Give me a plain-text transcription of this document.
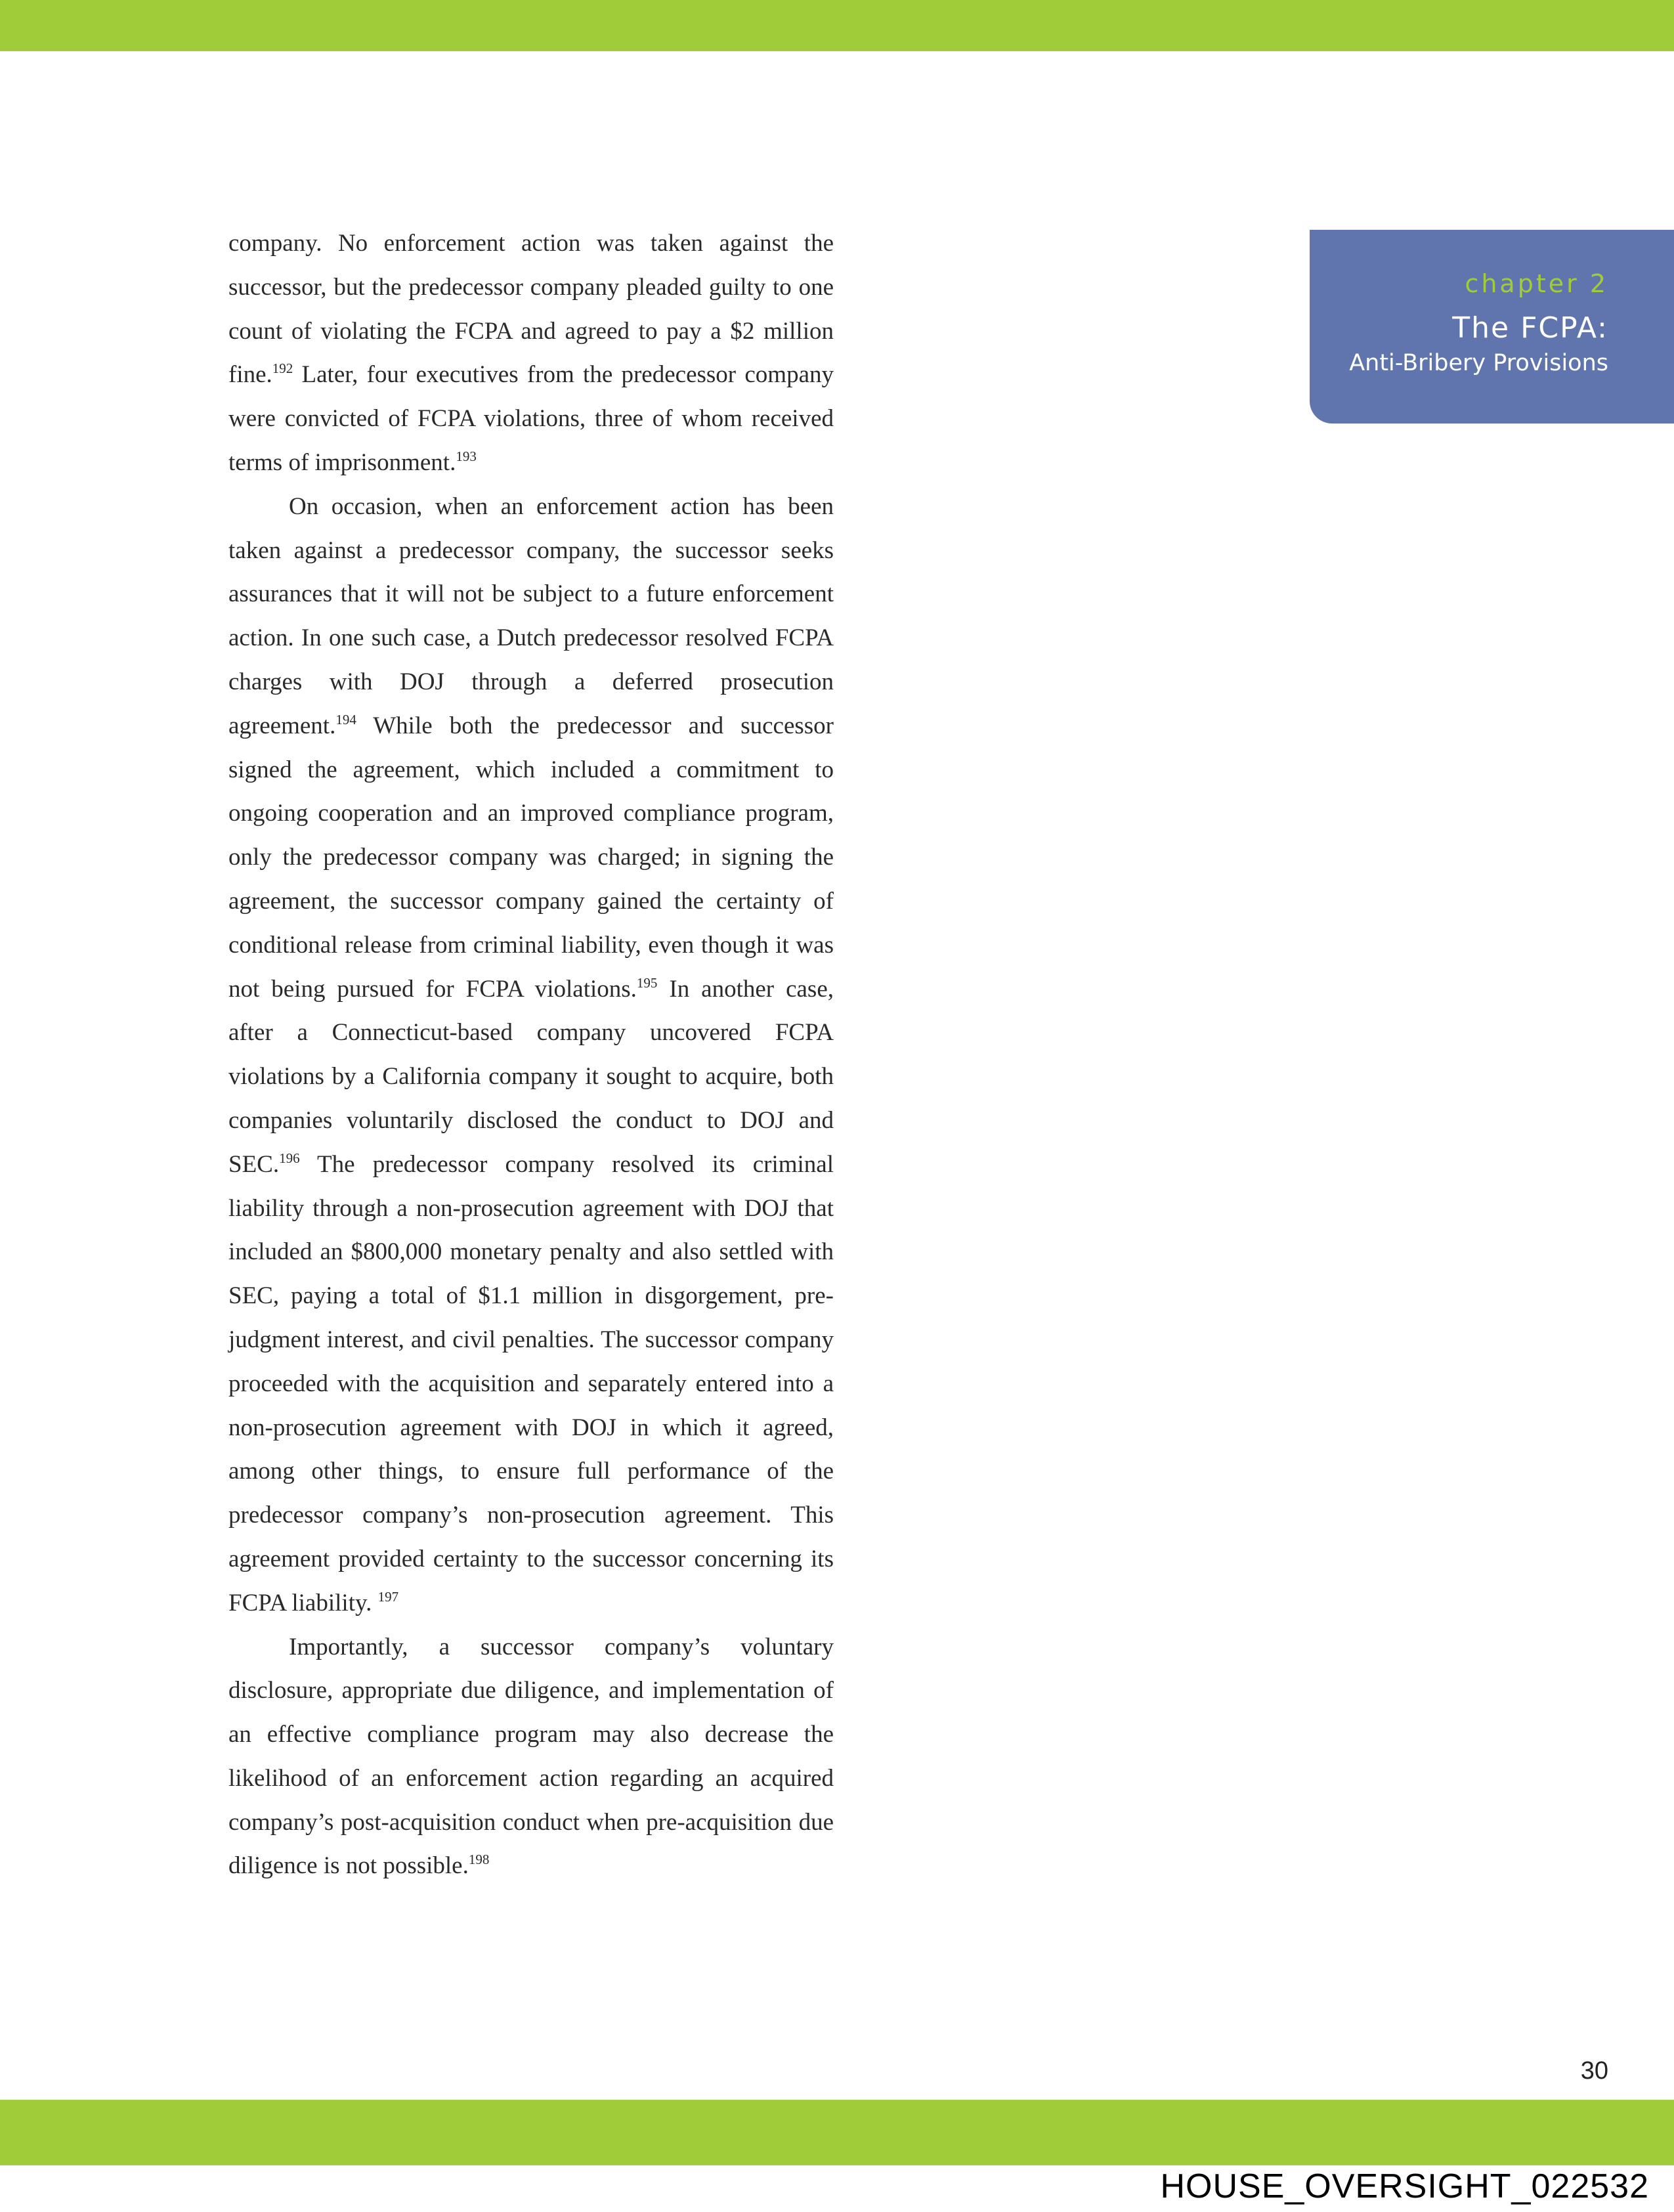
chapter 2
The FCPA:
Anti-Bribery Provisions

company. No enforcement action was taken against the successor, but the predecessor company pleaded guilty to one count of violating the FCPA and agreed to pay a $2 million fine.$^{192}$ Later, four executives from the predecessor company were convicted of FCPA violations, three of whom received terms of imprisonment.$^{193}$

On occasion, when an enforcement action has been taken against a predecessor company, the successor seeks assurances that it will not be subject to a future enforcement action. In one such case, a Dutch predecessor resolved FCPA charges with DOJ through a deferred prosecution agreement.$^{194}$ While both the predecessor and successor signed the agreement, which included a commitment to ongoing cooperation and an improved compliance program, only the predecessor company was charged; in signing the agreement, the successor company gained the certainty of conditional release from criminal liability, even though it was not being pursued for FCPA violations.$^{195}$ In another case, after a Connecticut-based company uncovered FCPA violations by a California company it sought to acquire, both companies voluntarily disclosed the conduct to DOJ and SEC.$^{196}$ The predecessor company resolved its criminal liability through a non-prosecution agreement with DOJ that included an $800,000 monetary penalty and also settled with SEC, paying a total of $1.1 million in disgorgement, pre-judgment interest, and civil penalties. The successor company proceeded with the acquisition and separately entered into a non-prosecution agreement with DOJ in which it agreed, among other things, to ensure full performance of the predecessor company’s non-prosecution agreement. This agreement provided certainty to the successor concerning its FCPA liability. $^{197}$

Importantly, a successor company’s voluntary disclosure, appropriate due diligence, and implementation of an effective compliance program may also decrease the likelihood of an enforcement action regarding an acquired company’s post-acquisition conduct when pre-acquisition due diligence is not possible.$^{198}$

30
HOUSE_OVERSIGHT_022532
